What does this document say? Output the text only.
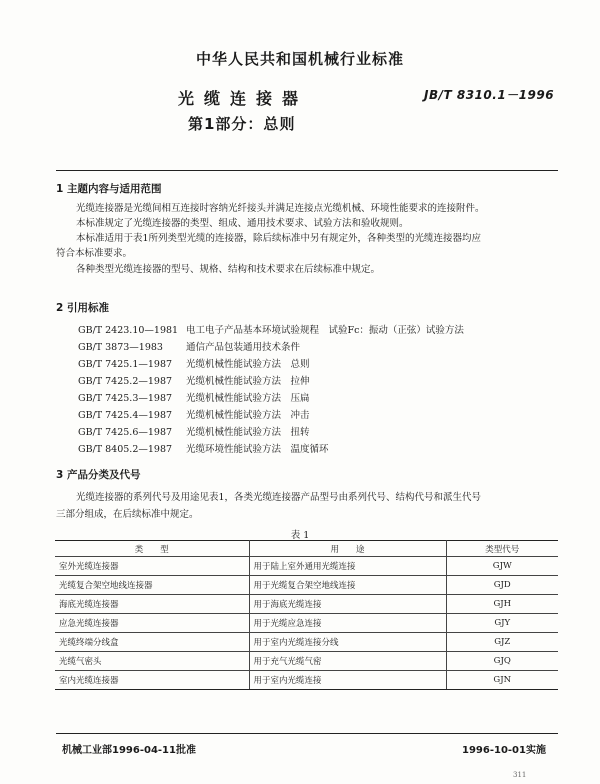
中华人民共和国机械行业标准
光缆连接器	JB/T 8310.1－1996
第1部分：总则
1 主题内容与适用范围
光缆连接器是光缆间相互连接时容纳光纤接头并满足连接点光缆机械、环境性能要求的连接附件。
本标准规定了光缆连接器的类型、组成、通用技术要求、试验方法和验收规则。
本标准适用于表1所列类型光缆的连接器，除后续标准中另有规定外，各种类型的光缆连接器均应
符合本标准要求。
各种类型光缆连接器的型号、规格、结构和技术要求在后续标准中规定。
2 引用标准
GB/T 2423.10—1981 电工电子产品基本环境试验规程　试验Fc：振动（正弦）试验方法
GB/T 3873—1983 通信产品包装通用技术条件
GB/T 7425.1—1987 光缆机械性能试验方法　总则
GB/T 7425.2—1987 光缆机械性能试验方法　拉伸
GB/T 7425.3—1987 光缆机械性能试验方法　压扁
GB/T 7425.4—1987 光缆机械性能试验方法　冲击
GB/T 7425.6—1987 光缆机械性能试验方法　扭转
GB/T 8405.2—1987 光缆环境性能试验方法　温度循环
3 产品分类及代号
光缆连接器的系列代号及用途见表1，各类光缆连接器产品型号由系列代号、结构代号和派生代号
三部分组成，在后续标准中规定。
表 1
类　　型	用　　途	类型代号
室外光缆连接器	用于陆上室外通用光缆连接	GJW
光缆复合架空地线连接器	用于光缆复合架空地线连接	GJD
海底光缆连接器	用于海底光缆连接	GJH
应急光缆连接器	用于光缆应急连接	GJY
光缆终端分线盒	用于室内光缆连接分线	GJZ
光缆气密头	用于充气光缆气密	GJQ
室内光缆连接器	用于室内光缆连接	GJN
机械工业部1996-04-11批准	1996-10-01实施
311
